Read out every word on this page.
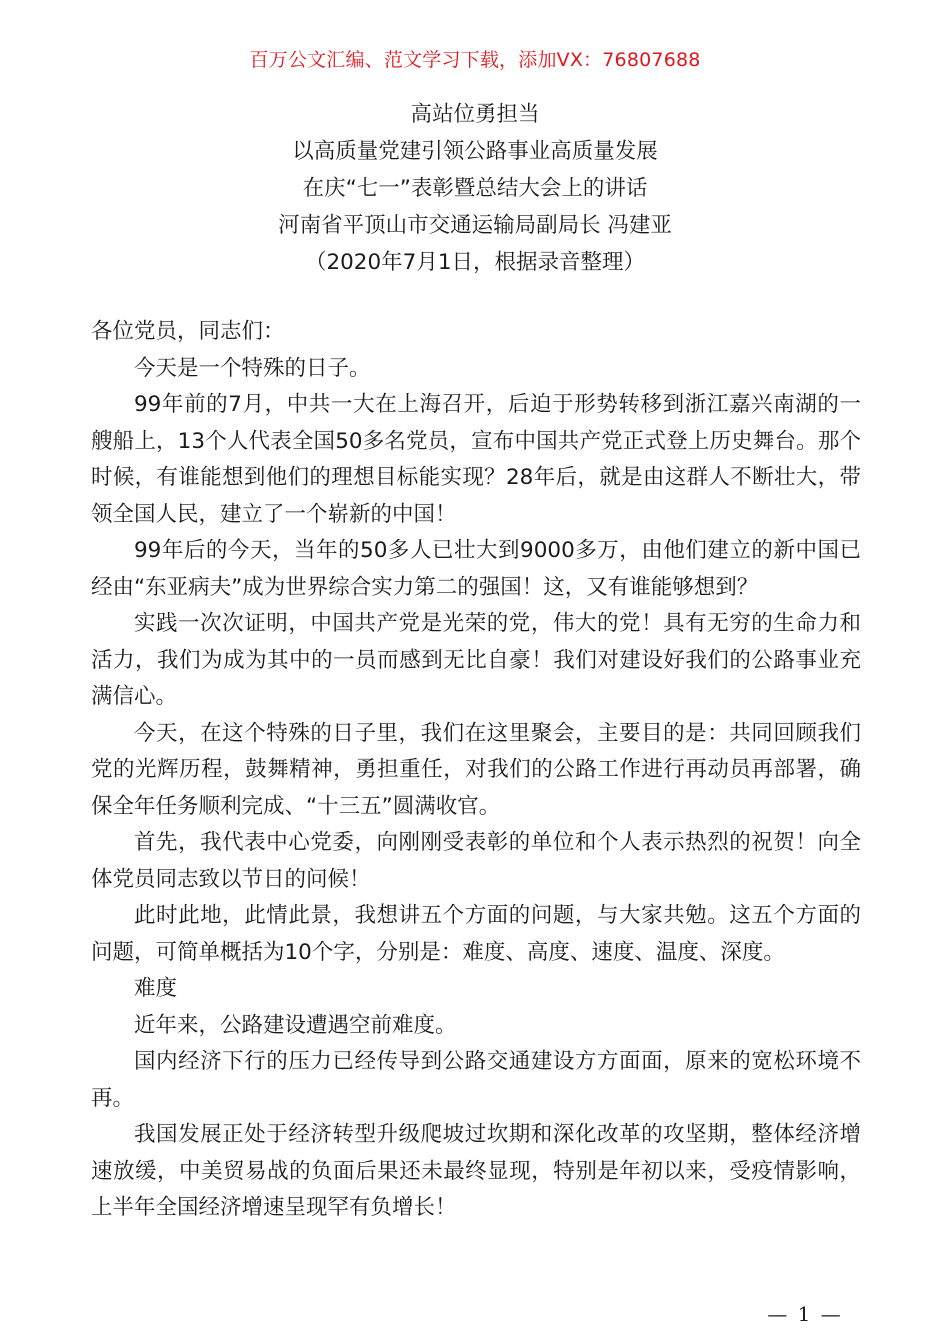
百万公文汇编、范文学习下载，添加VX：76807688
高站位勇担当
以高质量党建引领公路事业高质量发展
在庆“七一”表彰暨总结大会上的讲话
河南省平顶山市交通运输局副局长 冯建亚
（2020年7月1日，根据录音整理）

各位党员，同志们：

今天是一个特殊的日子。

99年前的7月，中共一大在上海召开，后迫于形势转移到浙江嘉兴南湖的一艘船上，13个人代表全国50多名党员，宣布中国共产党正式登上历史舞台。那个时候，有谁能想到他们的理想目标能实现？28年后，就是由这群人不断壮大，带领全国人民，建立了一个崭新的中国！

99年后的今天，当年的50多人已壮大到9000多万，由他们建立的新中国已经由“东亚病夫”成为世界综合实力第二的强国！这，又有谁能够想到？

实践一次次证明，中国共产党是光荣的党，伟大的党！具有无穷的生命力和活力，我们为成为其中的一员而感到无比自豪！我们对建设好我们的公路事业充满信心。

今天，在这个特殊的日子里，我们在这里聚会，主要目的是：共同回顾我们党的光辉历程，鼓舞精神，勇担重任，对我们的公路工作进行再动员再部署，确保全年任务顺利完成、“十三五”圆满收官。

首先，我代表中心党委，向刚刚受表彰的单位和个人表示热烈的祝贺！向全体党员同志致以节日的问候！

此时此地，此情此景，我想讲五个方面的问题，与大家共勉。这五个方面的问题，可简单概括为10个字，分别是：难度、高度、速度、温度、深度。

难度

近年来，公路建设遭遇空前难度。

国内经济下行的压力已经传导到公路交通建设方方面面，原来的宽松环境不再。

我国发展正处于经济转型升级爬坡过坎期和深化改革的攻坚期，整体经济增速放缓，中美贸易战的负面后果还未最终显现，特别是年初以来，受疫情影响，上半年全国经济增速呈现罕有负增长！

— 1 —
